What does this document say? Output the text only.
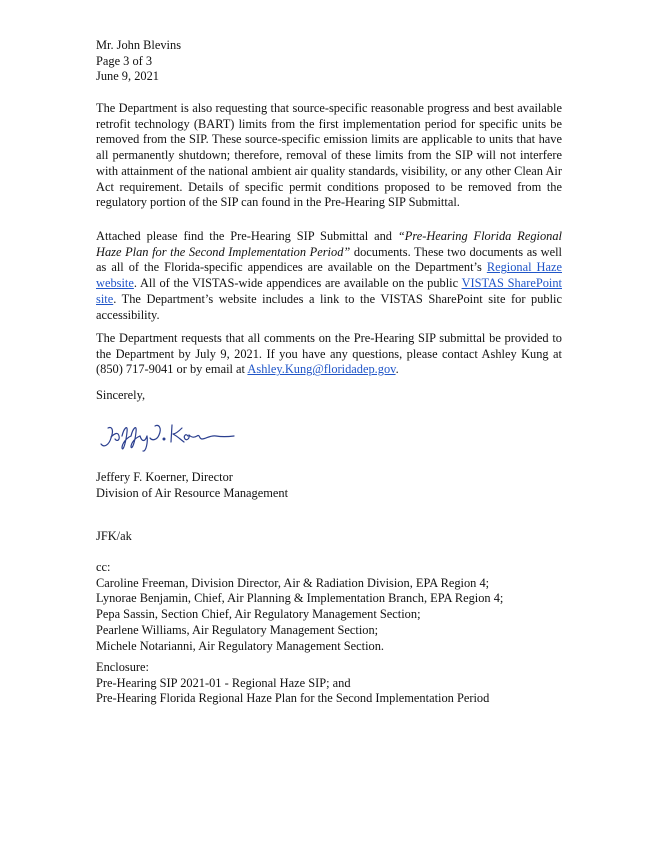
Mr. John Blevins
Page 3 of 3
June 9, 2021

The Department is also requesting that source-specific reasonable progress and best available retrofit technology (BART) limits from the first implementation period for specific units be removed from the SIP. These source-specific emission limits are applicable to units that have all permanently shutdown; therefore, removal of these limits from the SIP will not interfere with attainment of the national ambient air quality standards, visibility, or any other Clean Air Act requirement. Details of specific permit conditions proposed to be removed from the regulatory portion of the SIP can found in the Pre-Hearing SIP Submittal.

Attached please find the Pre-Hearing SIP Submittal and “Pre-Hearing Florida Regional Haze Plan for the Second Implementation Period” documents. These two documents as well as all of the Florida-specific appendices are available on the Department’s Regional Haze website. All of the VISTAS-wide appendices are available on the public VISTAS SharePoint site. The Department’s website includes a link to the VISTAS SharePoint site for public accessibility.

The Department requests that all comments on the Pre-Hearing SIP submittal be provided to the Department by July 9, 2021. If you have any questions, please contact Ashley Kung at (850) 717-9041 or by email at Ashley.Kung@floridadep.gov.

Sincerely,
Jeffery F. Koerner, Director
Division of Air Resource Management
JFK/ak
cc:
Caroline Freeman, Division Director, Air & Radiation Division, EPA Region 4;
Lynorae Benjamin, Chief, Air Planning & Implementation Branch, EPA Region 4;
Pepa Sassin, Section Chief, Air Regulatory Management Section;
Pearlene Williams, Air Regulatory Management Section;
Michele Notarianni, Air Regulatory Management Section.
Enclosure:
Pre-Hearing SIP 2021-01 - Regional Haze SIP; and
Pre-Hearing Florida Regional Haze Plan for the Second Implementation Period
